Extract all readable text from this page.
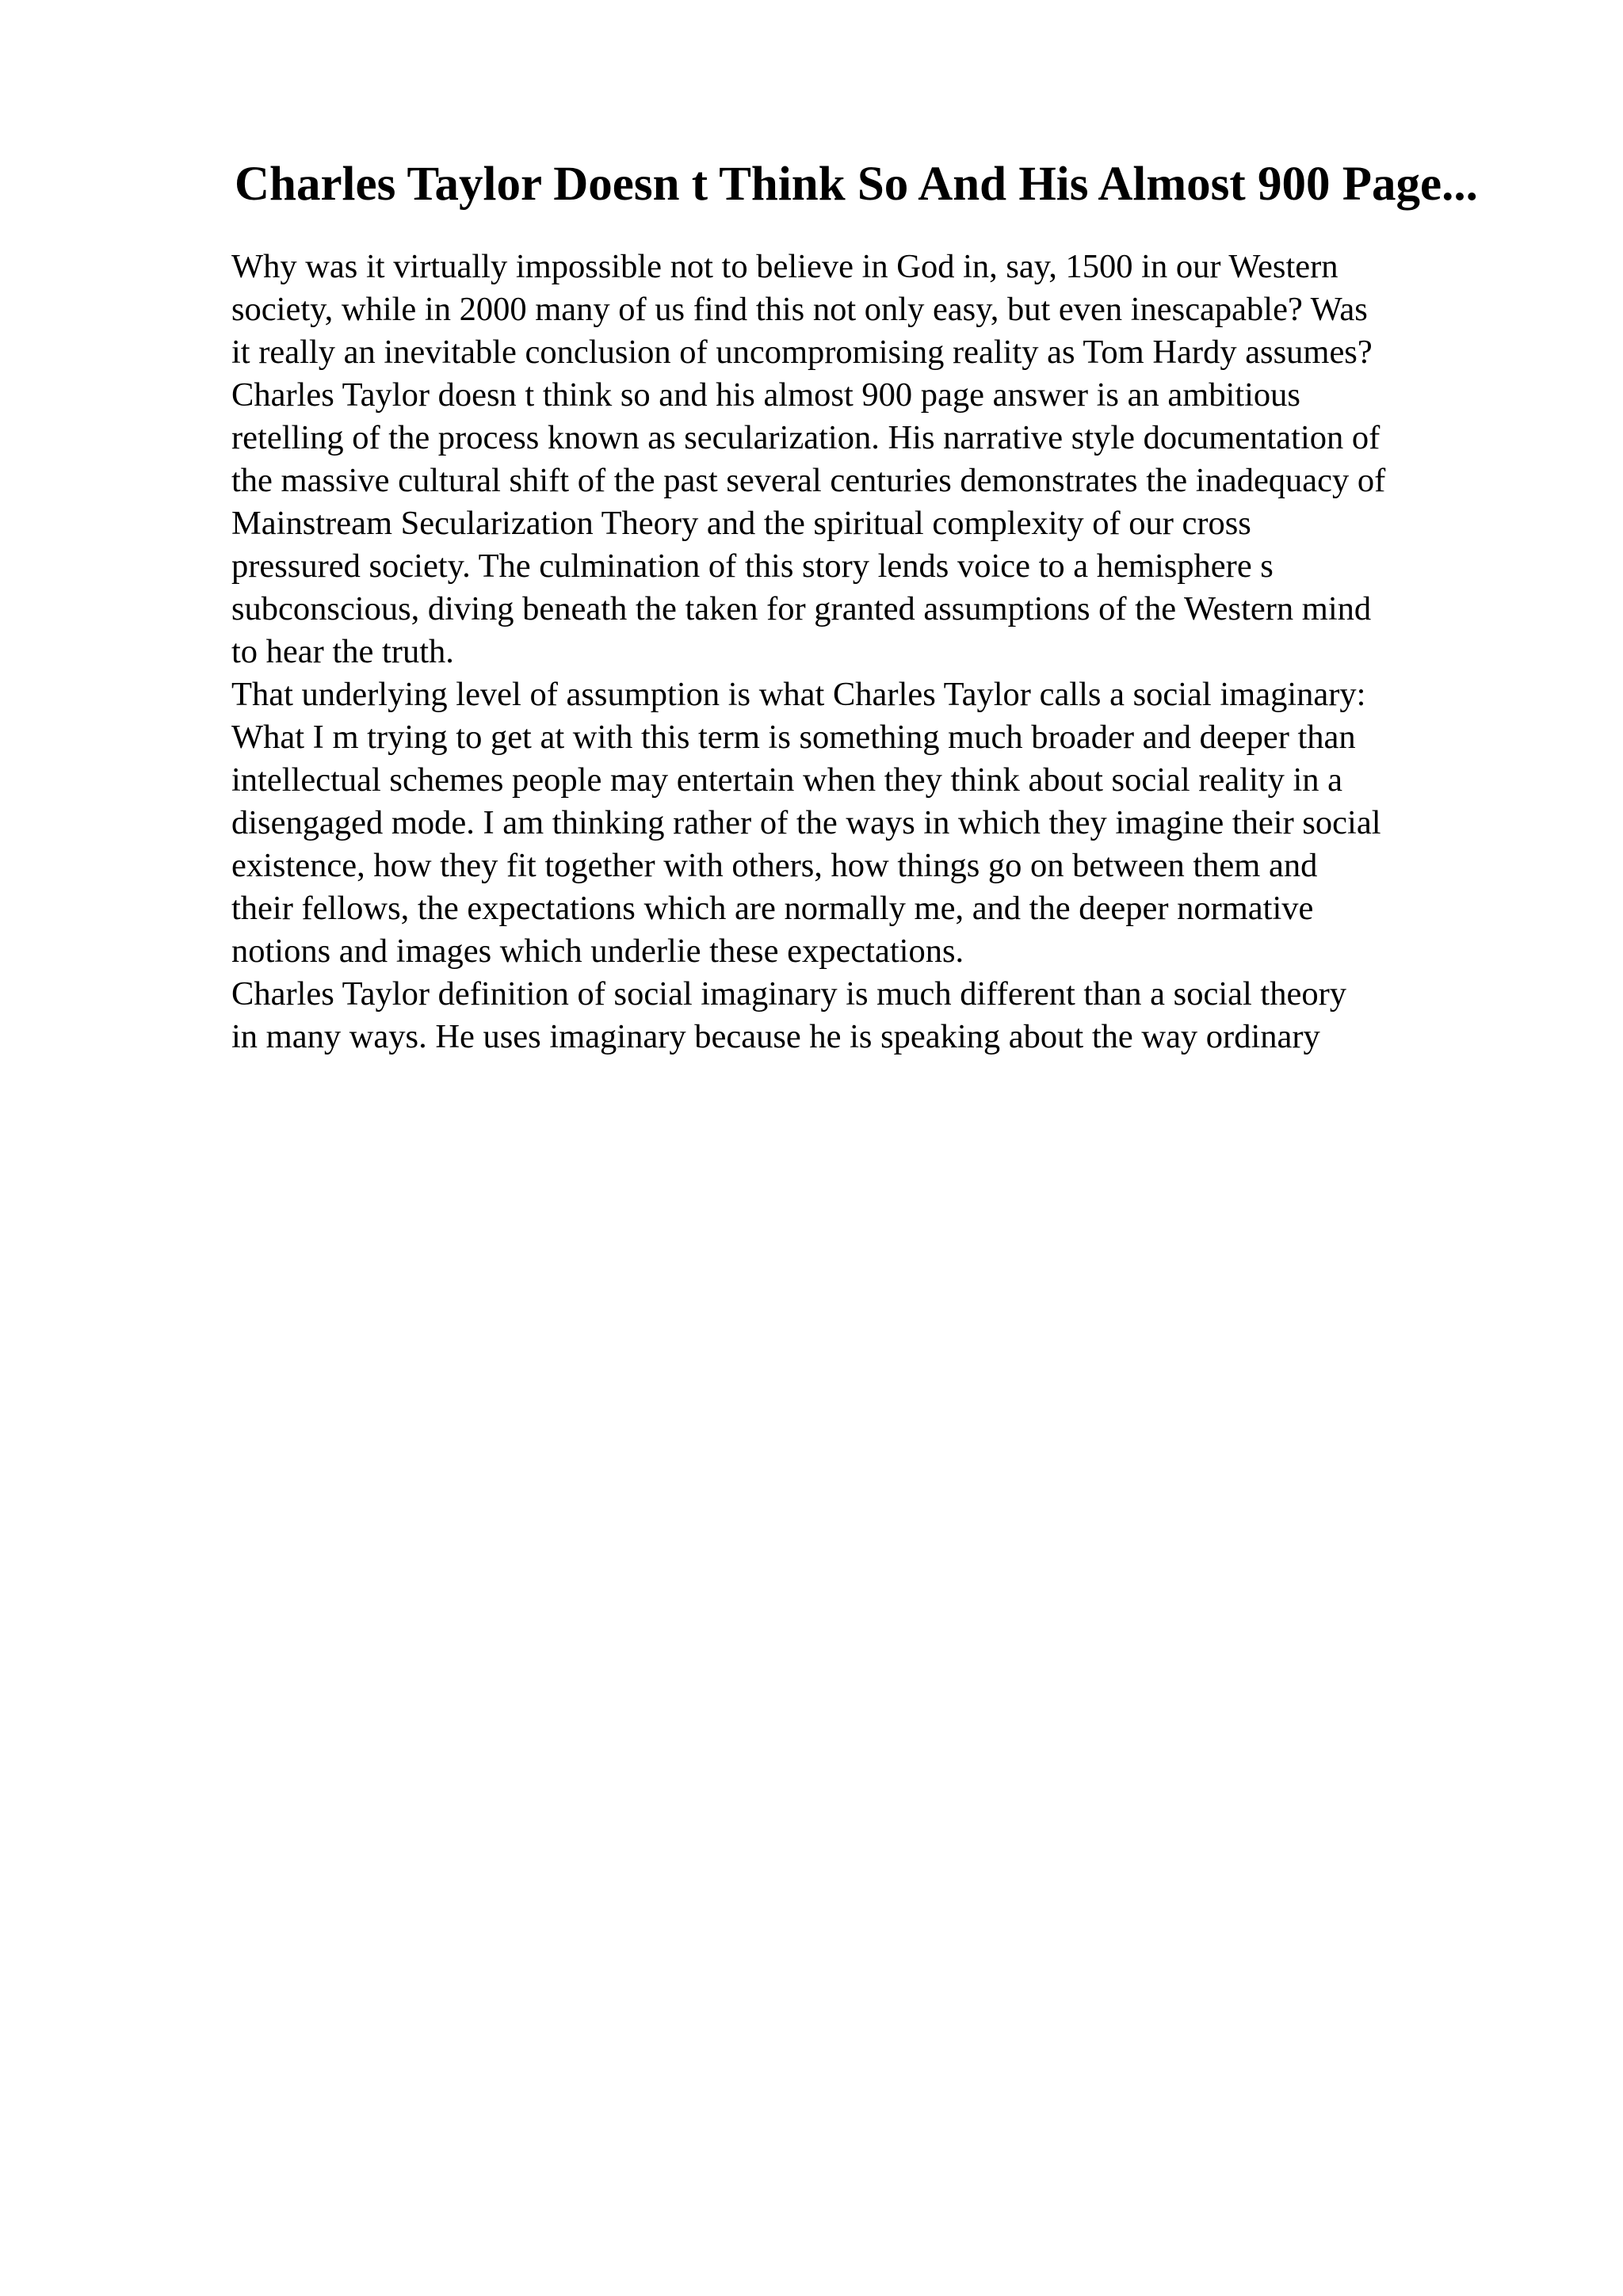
Charles Taylor Doesn t Think So And His Almost 900 Page...
Why was it virtually impossible not to believe in God in, say, 1500 in our Western
society, while in 2000 many of us find this not only easy, but even inescapable? Was
it really an inevitable conclusion of uncompromising reality as Tom Hardy assumes?
Charles Taylor doesn t think so and his almost 900 page answer is an ambitious
retelling of the process known as secularization. His narrative style documentation of
the massive cultural shift of the past several centuries demonstrates the inadequacy of
Mainstream Secularization Theory and the spiritual complexity of our cross
pressured society. The culmination of this story lends voice to a hemisphere s
subconscious, diving beneath the taken for granted assumptions of the Western mind
to hear the truth.
That underlying level of assumption is what Charles Taylor calls a social imaginary:
What I m trying to get at with this term is something much broader and deeper than
intellectual schemes people may entertain when they think about social reality in a
disengaged mode. I am thinking rather of the ways in which they imagine their social
existence, how they fit together with others, how things go on between them and
their fellows, the expectations which are normally me, and the deeper normative
notions and images which underlie these expectations.
Charles Taylor definition of social imaginary is much different than a social theory
in many ways. He uses imaginary because he is speaking about the way ordinary
